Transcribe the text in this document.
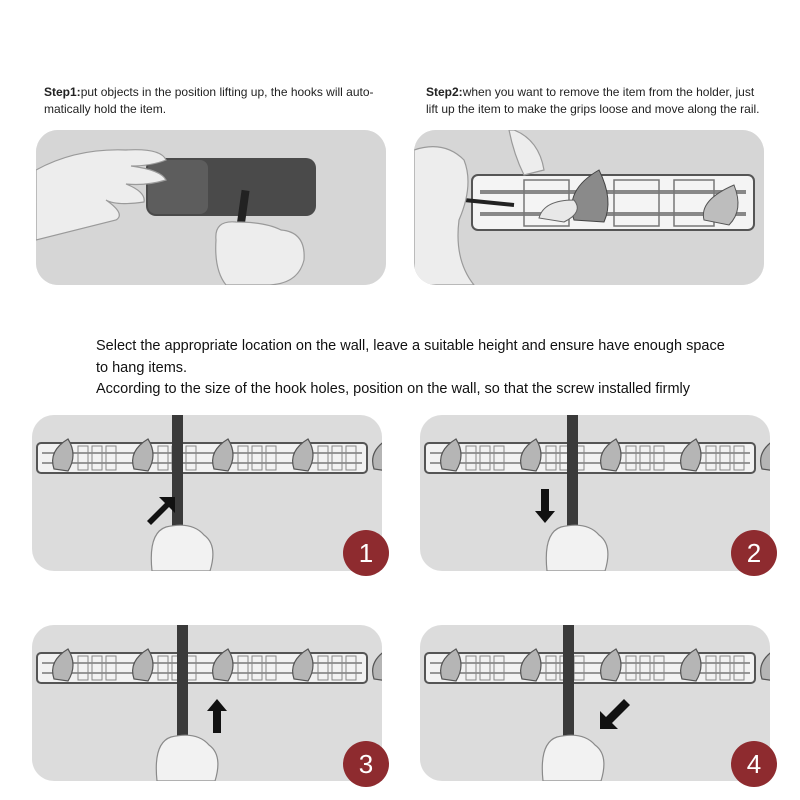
Step1:put objects in the position lifting up, the hooks will auto-
matically hold the item.
Step2:when you want to remove the item from the holder, just
lift up the item to make the grips loose and move along the rail.
Select the appropriate location on the wall, leave a suitable height and ensure have enough space
to hang items.
According to the size of the hook holes, position on the wall, so that the screw installed firmly
1	2
3	4
